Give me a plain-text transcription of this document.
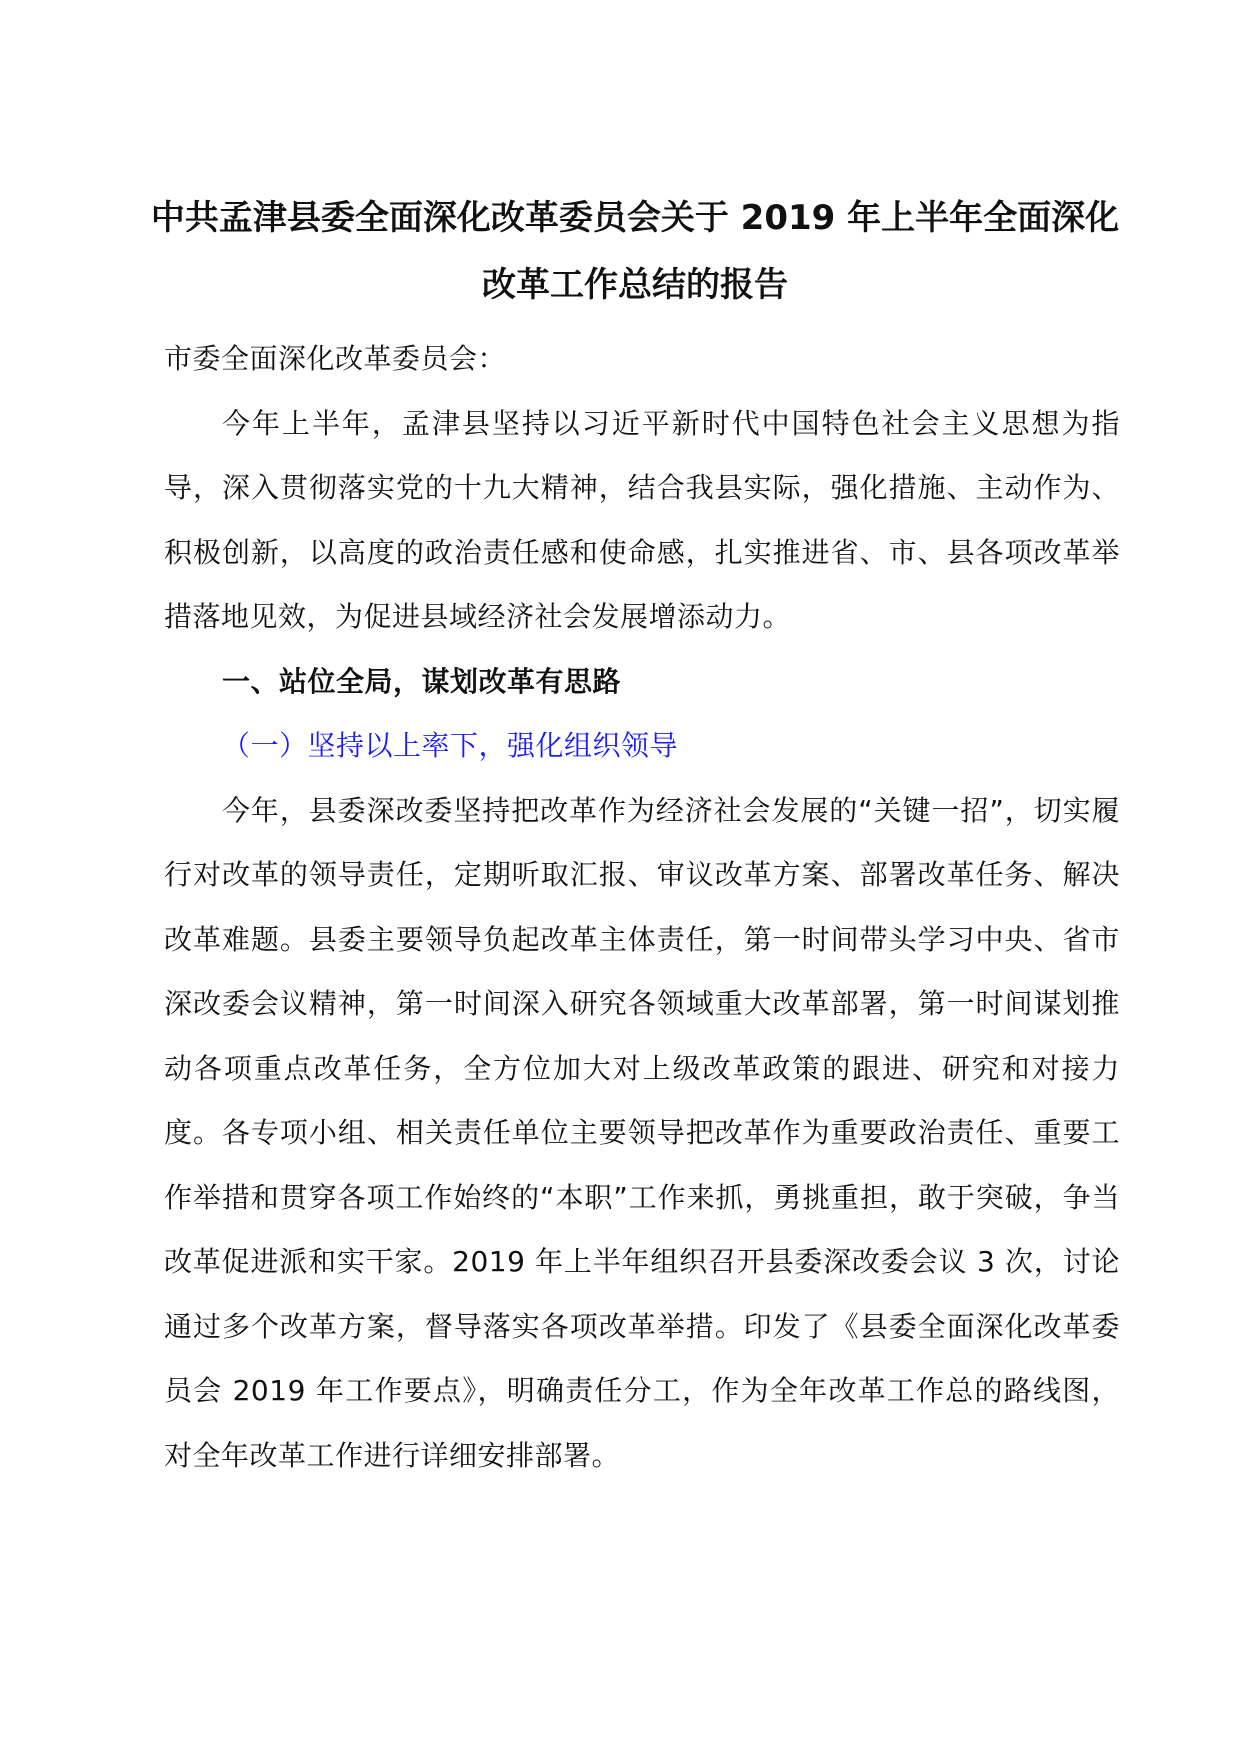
中共孟津县委全面深化改革委员会关于 2019 年上半年全面深化
改革工作总结的报告

市委全面深化改革委员会：

今年上半年，孟津县坚持以习近平新时代中国特色社会主义思想为指导，深入贯彻落实党的十九大精神，结合我县实际，强化措施、主动作为、积极创新，以高度的政治责任感和使命感，扎实推进省、市、县各项改革举措落地见效，为促进县域经济社会发展增添动力。

一、站位全局，谋划改革有思路

（一）坚持以上率下，强化组织领导

今年，县委深改委坚持把改革作为经济社会发展的“关键一招”，切实履行对改革的领导责任，定期听取汇报、审议改革方案、部署改革任务、解决改革难题。县委主要领导负起改革主体责任，第一时间带头学习中央、省市深改委会议精神，第一时间深入研究各领域重大改革部署，第一时间谋划推动各项重点改革任务，全方位加大对上级改革政策的跟进、研究和对接力度。各专项小组、相关责任单位主要领导把改革作为重要政治责任、重要工作举措和贯穿各项工作始终的“本职”工作来抓，勇挑重担，敢于突破，争当改革促进派和实干家。2019 年上半年组织召开县委深改委会议 3 次，讨论通过多个改革方案，督导落实各项改革举措。印发了《县委全面深化改革委员会 2019 年工作要点》，明确责任分工，作为全年改革工作总的路线图，对全年改革工作进行详细安排部署。
